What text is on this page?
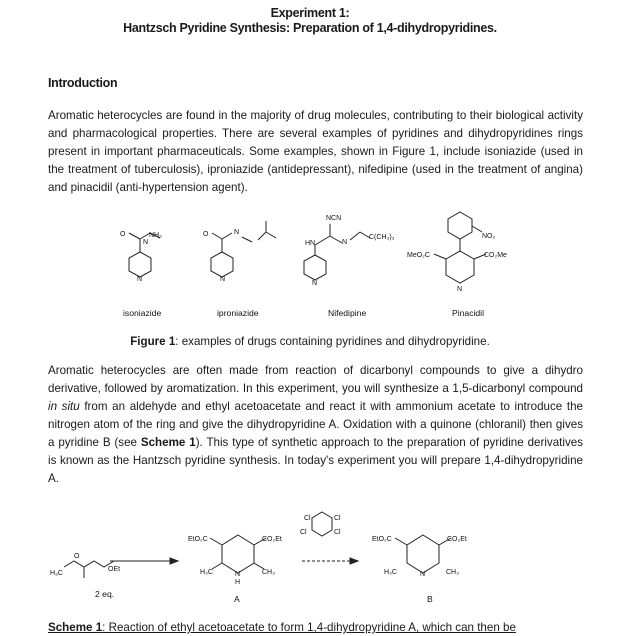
Experiment 1:
Hantzsch Pyridine Synthesis: Preparation of 1,4-dihydropyridines.
Introduction

Aromatic heterocycles are found in the majority of drug molecules, contributing to their biological activity and pharmacological properties. There are several examples of pyridines and dihydropyridines rings present in important pharmaceuticals. Some examples, shown in Figure 1, include isoniazide (used in the treatment of tuberculosis), iproniazide (antidepressant), nifedipine (used in the treatment of angina) and pinacidil (anti-hypertension agent).

NH₂
N
O
N
O	N
N
NCN
HN	N
C(CH₃)₃
N
NO₂
MeO₂C	CO₂Me
N
isoniazide	iproniazide	Nifedipine	Pinacidil
Figure 1: examples of drugs containing pyridines and dihydropyridine.

Aromatic heterocycles are often made from reaction of dicarbonyl compounds to give a dihydro derivative, followed by aromatization. In this experiment, you will synthesize a 1,5-dicarbonyl compound in situ from an aldehyde and ethyl acetoacetate and react it with ammonium acetate to introduce the nitrogen atom of the ring and give the dihydropyridine A. Oxidation with a quinone (chloranil) then gives a pyridine B (see Scheme 1). This type of synthetic approach to the preparation of pyridine derivatives is known as the Hantzsch pyridine synthesis. In today's experiment you will prepare 1,4-dihydropyridine A.

H₃C
OEt
O
EtO₂C	CO₂Et
H₃C	CH₃
N
H
Cl	Cl
Cl	Cl
EtO₂C	CO₂Et
H₃C	CH₃
N
2 eq.	A	B
Scheme 1: Reaction of ethyl acetoacetate to form 1,4-dihydropyridine A, which can then be
